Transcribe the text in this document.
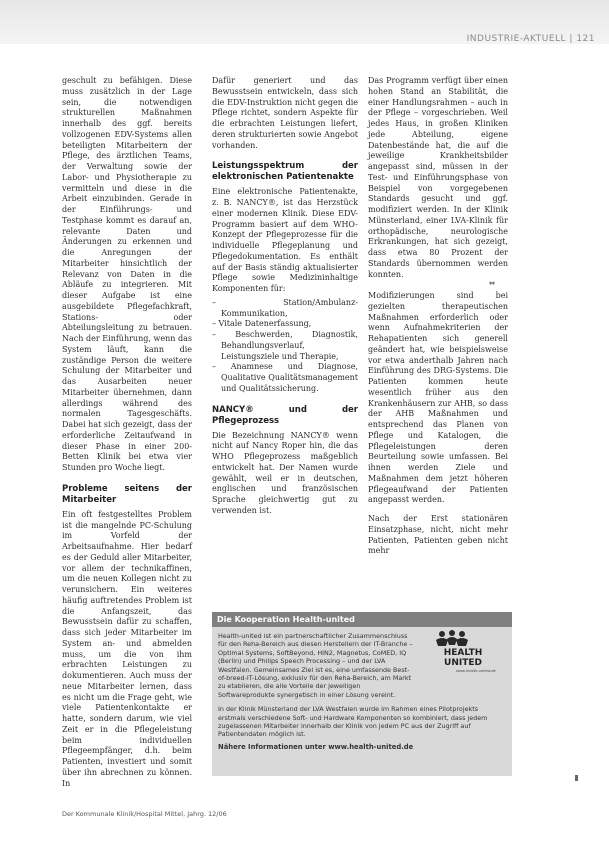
INDUSTRIE-AKTUELL | 121

geschult zu befähigen. Diese muss zusätzlich in der Lage sein, die notwendigen strukturellen Maßnahmen innerhalb des ggf. bereits vollzogenen EDV-Systems allen beteiligten Mitarbeitern der Pflege, des ärztlichen Teams, der Verwaltung sowie der Labor- und Physiotherapie zu vermitteln und diese in die Arbeit einzubinden. Gerade in der Einführungs- und Testphase kommt es darauf an, relevante Daten und Änderungen zu erkennen und die Anregungen der Mitarbeiter hinsichtlich der Relevanz von Daten in die Abläufe zu integrieren. Mit dieser Aufgabe ist eine ausgebildete Pflegefachkraft, Stations- oder Abteilungsleitung zu betrauen. Nach der Einführung, wenn das System läuft, kann die zuständige Person die weitere Schulung der Mitarbeiter und das Ausarbeiten neuer Mitarbeiter übernehmen, dann allerdings während des normalen Tagesgeschäfts. Dabei hat sich gezeigt, dass der erforderliche Zeitaufwand in dieser Phase in einer 200-Betten Klinik bei etwa vier Stunden pro Woche liegt.

Probleme seitens der Mitarbeiter

Ein oft festgestelltes Problem ist die mangelnde PC-Schulung im Vorfeld der Arbeitsaufnahme. Hier bedarf es der Geduld aller Mitarbeiter, vor allem der technikaffinen, um die neuen Kollegen nicht zu verunsichern. Ein weiteres häufig auftretendes Problem ist die Anfangszeit, das Bewusstsein dafür zu schaffen, dass sich jeder Mitarbeiter im System an- und abmelden muss, um die von ihm erbrachten Leistungen zu dokumentieren. Auch muss der neue Mitarbeiter lernen, dass es nicht um die Frage geht, wie viele Patientenkontakte er hatte, sondern darum, wie viel Zeit er in die Pflegeleistung beim individuellen Pflegeempfänger, d.h. beim Patienten, investiert und somit über ihn abrechnen zu können. In

Dafür generiert und das Bewusstsein entwickeln, dass sich die EDV-Instruktion nicht gegen die Pflege richtet, sondern Aspekte für die erbrachten Leistungen liefert, deren strukturierten sowie Angebot vorhanden.

Leistungsspektrum der elektronischen Patientenakte

Eine elektronische Patientenakte, z. B. NANCY®, ist das Herzstück einer modernen Klinik. Diese EDV-Programm basiert auf dem WHO-Konzept der Pflegeprozesse für die individuelle Pflegeplanung und Pflegedokumentation. Es enthält auf der Basis ständig aktualisierter Pflege sowie Medizininhaltige Komponenten für:

– Station/Ambulanz-Kommunikation,
– Vitale Datenerfassung,
– Beschwerden, Diagnostik, Behandlungsverlauf, Leistungsziele und Therapie,
– Anamnese und Diagnose, Qualitative Qualitätsmanagement und Qualitätssicherung.
NANCY® und der Pflegeprozess

Die Bezeichnung NANCY® wenn nicht auf Nancy Roper hin, die das WHO Pflegeprozess maßgeblich entwickelt hat. Der Namen wurde gewählt, weil er in deutschen, englischen und französischen Sprache gleichwertig gut zu verwenden ist.

Das Programm verfügt über einen hohen Stand an Stabilität, die einer Handlungsrahmen – auch in der Pflege – vorgeschrieben. Weil jedes Haus, in großen Kliniken jede Abteilung, eigene Datenbestände hat, die auf die jeweilige Krankheitsbilder angepasst sind, müssen in der Test- und Einführungsphase von Beispiel von vorgegebenen Standards gesucht und ggf. modifiziert werden. In der Klinik Münsterland, einer LVA-Klinik für orthopädische, neurologische Erkrankungen, hat sich gezeigt, dass etwa 80 Prozent der Standards übernommen werden konnten.

**

Modifizierungen sind bei gezielten therapeutischen Maßnahmen erforderlich oder wenn Aufnahmekriterien der Rehapatienten sich generell geändert hat, wie beispielsweise vor etwa anderthalb Jahren nach Einführung des DRG-Systems. Die Patienten kommen heute wesentlich früher aus den Krankenhäusern zur AHB, so dass der AHB Maßnahmen und entsprechend das Planen von Pflege und Katalogen, die Pflegeleistungen deren Beurteilung sowie umfassen. Bei ihnen werden Ziele und Maßnahmen dem jetzt höheren Pflegeaufwand der Patienten angepasst werden.

Nach der Erst stationären Einsatzphase, nicht, nicht mehr Patienten, Patienten geben nicht mehr

Die Kooperation Health-united

Health-united ist ein partnerschaftlicher Zusammenschluss für den Reha-Bereich aus diesen Herstellern der IT-Branche – Optimal Systems, SoftBeyond, HIN2, Magnetus, CoMED, IQ (Berlin) und Philips Speech Processing – und der LVA Westfalen. Gemeinsames Ziel ist es, eine umfassende Best-of-breed-IT-Lösung, exklusiv für den Reha-Bereich, am Markt zu etablieren, die alle Vorteile der jeweiligen Softwareprodukte synergetisch in einer Lösung vereint.

In der Klinik Münsterland der LVA Westfalen wurde im Rahmen eines Pilotprojekts erstmals verschiedene Soft- und Hardware Komponenten so kombiniert, dass jedem zugelassenen Mitarbeiter innerhalb der Klinik von jedem PC aus der Zugriff auf Patientendaten möglich ist.

Nähere Informationen unter www.health-united.de
HEALTH
UNITED
www.health-united.de
Der Kommunale Klinik/Hospital Mittel, Jahrg. 12/06
